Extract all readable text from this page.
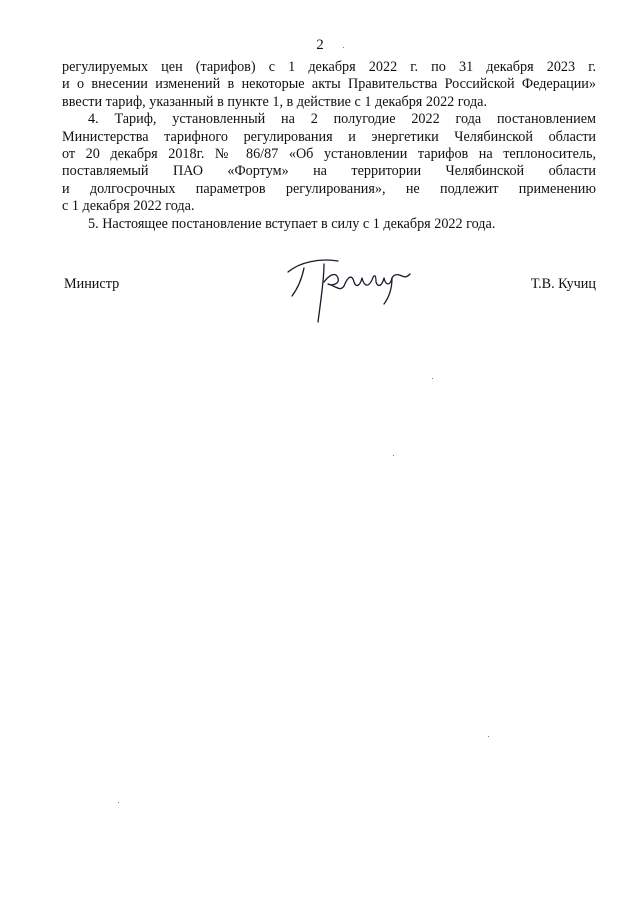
2

регулируемых цен (тарифов) с 1 декабря 2022 г. по 31 декабря 2023 г.
и о внесении изменений в некоторые акты Правительства Российской Федерации»
ввести тариф, указанный в пункте 1, в действие с 1 декабря 2022 года.

4. Тариф, установленный на 2 полугодие 2022 года постановлением
Министерства тарифного регулирования и энергетики Челябинской области
от 20 декабря 2018г. № 86/87 «Об установлении тарифов на теплоноситель,
поставляемый ПАО «Фортум» на территории Челябинской области
и долгосрочных параметров регулирования», не подлежит применению
с 1 декабря 2022 года.

5. Настоящее постановление вступает в силу с 1 декабря 2022 года.

Министр	Т.В. Кучиц
